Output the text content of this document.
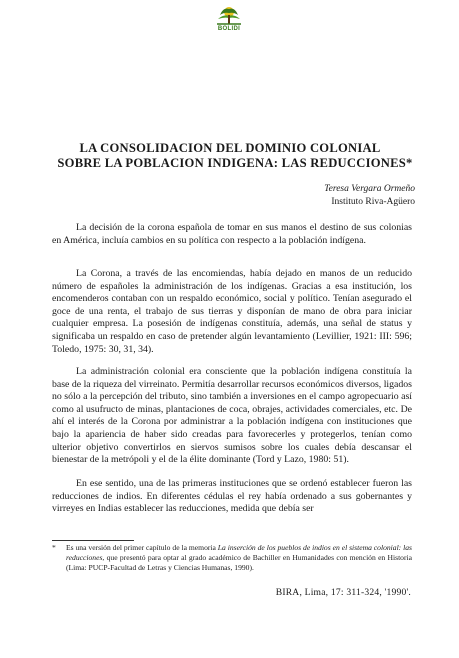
BOLIDI
LA CONSOLIDACION DEL DOMINIO COLONIAL
SOBRE LA POBLACION INDIGENA: LAS REDUCCIONES*
Teresa Vergara Ormeño
Instituto Riva-Agüero

La decisión de la corona española de tomar en sus manos el destino de sus colonias en América, incluía cambios en su política con respecto a la población indígena.

La Corona, a través de las encomiendas, había dejado en manos de un reducido número de españoles la administración de los indígenas. Gracias a esa institución, los encomenderos contaban con un respaldo económico, social y político. Tenían asegurado el goce de una renta, el trabajo de sus tierras y disponían de mano de obra para iniciar cualquier empresa. La posesión de indígenas constituía, además, una señal de status y significaba un respaldo en caso de pretender algún levantamiento (Levillier, 1921: III: 596; Toledo, 1975: 30, 31, 34).

La administración colonial era consciente que la población indígena constituía la base de la riqueza del virreinato. Permitía desarrollar recursos económicos diversos, ligados no sólo a la percepción del tributo, sino también a inversiones en el campo agropecuario así como al usufructo de minas, plantaciones de coca, obrajes, actividades comerciales, etc. De ahí el interés de la Corona por administrar a la población indígena con instituciones que bajo la apariencia de haber sido creadas para favorecerles y protegerlos, tenían como ulterior objetivo convertirlos en siervos sumisos sobre los cuales debía descansar el bienestar de la metrópoli y el de la élite dominante (Tord y Lazo, 1980: 51).

En ese sentido, una de las primeras instituciones que se ordenó establecer fueron las reducciones de indios. En diferentes cédulas el rey había ordenado a sus gobernantes y virreyes en Indias establecer las reducciones, medida que debía ser

*	Es una versión del primer capítulo de la memoria La inserción de los pueblos de indios en el sistema colonial: las reducciones, que presentó para optar al grado académico de Bachiller en Humanidades con mención en Historia (Lima: PUCP-Facultad de Letras y Ciencias Humanas, 1990).
BIRA, Lima, 17: 311-324, '1990'.
